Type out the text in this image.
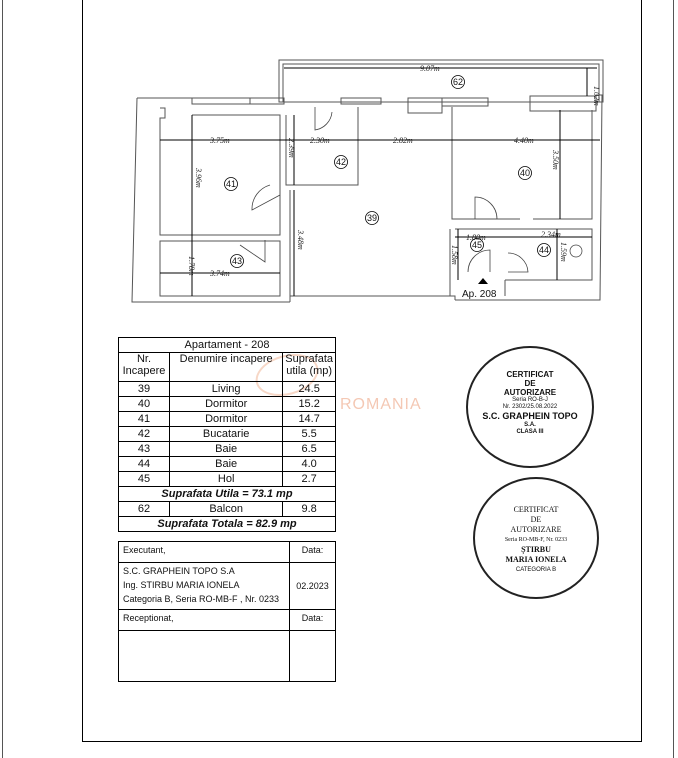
9.07m
1.02m
3.75m
3.96m
2.30m
2.39m	2.82m
3.48m
4.40m
3.50m
3.74m
1.78m
1.80m
1.58m
2.34m
1.59m
62
42
41
39
40
43
45	44
Ap. 208
ROMANIA
Apartament - 208		
Nr. Incapere	Denumire incapere	Suprafata utila (mp)
39	Living	24.5
40	Dormitor	15.2
41	Dormitor	14.7
42	Bucatarie	5.5
43	Baie	6.5
44	Baie	4.0
45	Hol	2.7
Suprafata Utila = 73.1 mp		
62	Balcon	9.8
Suprafata Totala = 82.9 mp		
Executant,	Data:

S.C. GRAPHEIN TOPO S.A
Ing. STIRBU MARIA IONELA
Categoria B, Seria RO-MB-F , Nr. 0233	02.2023
Receptionat,	Data:

CERTIFICAT
DE
AUTORIZARE
Seria RO-B-J
Nr. 2302/25.08.2022
S.C. GRAPHEIN TOPO
S.A.
CLASA III
CERTIFICAT
DE
AUTORIZARE
Seria RO-MB-F, Nr. 0233
ȘTIRBU
MARIA IONELA
CATEGORIA B
